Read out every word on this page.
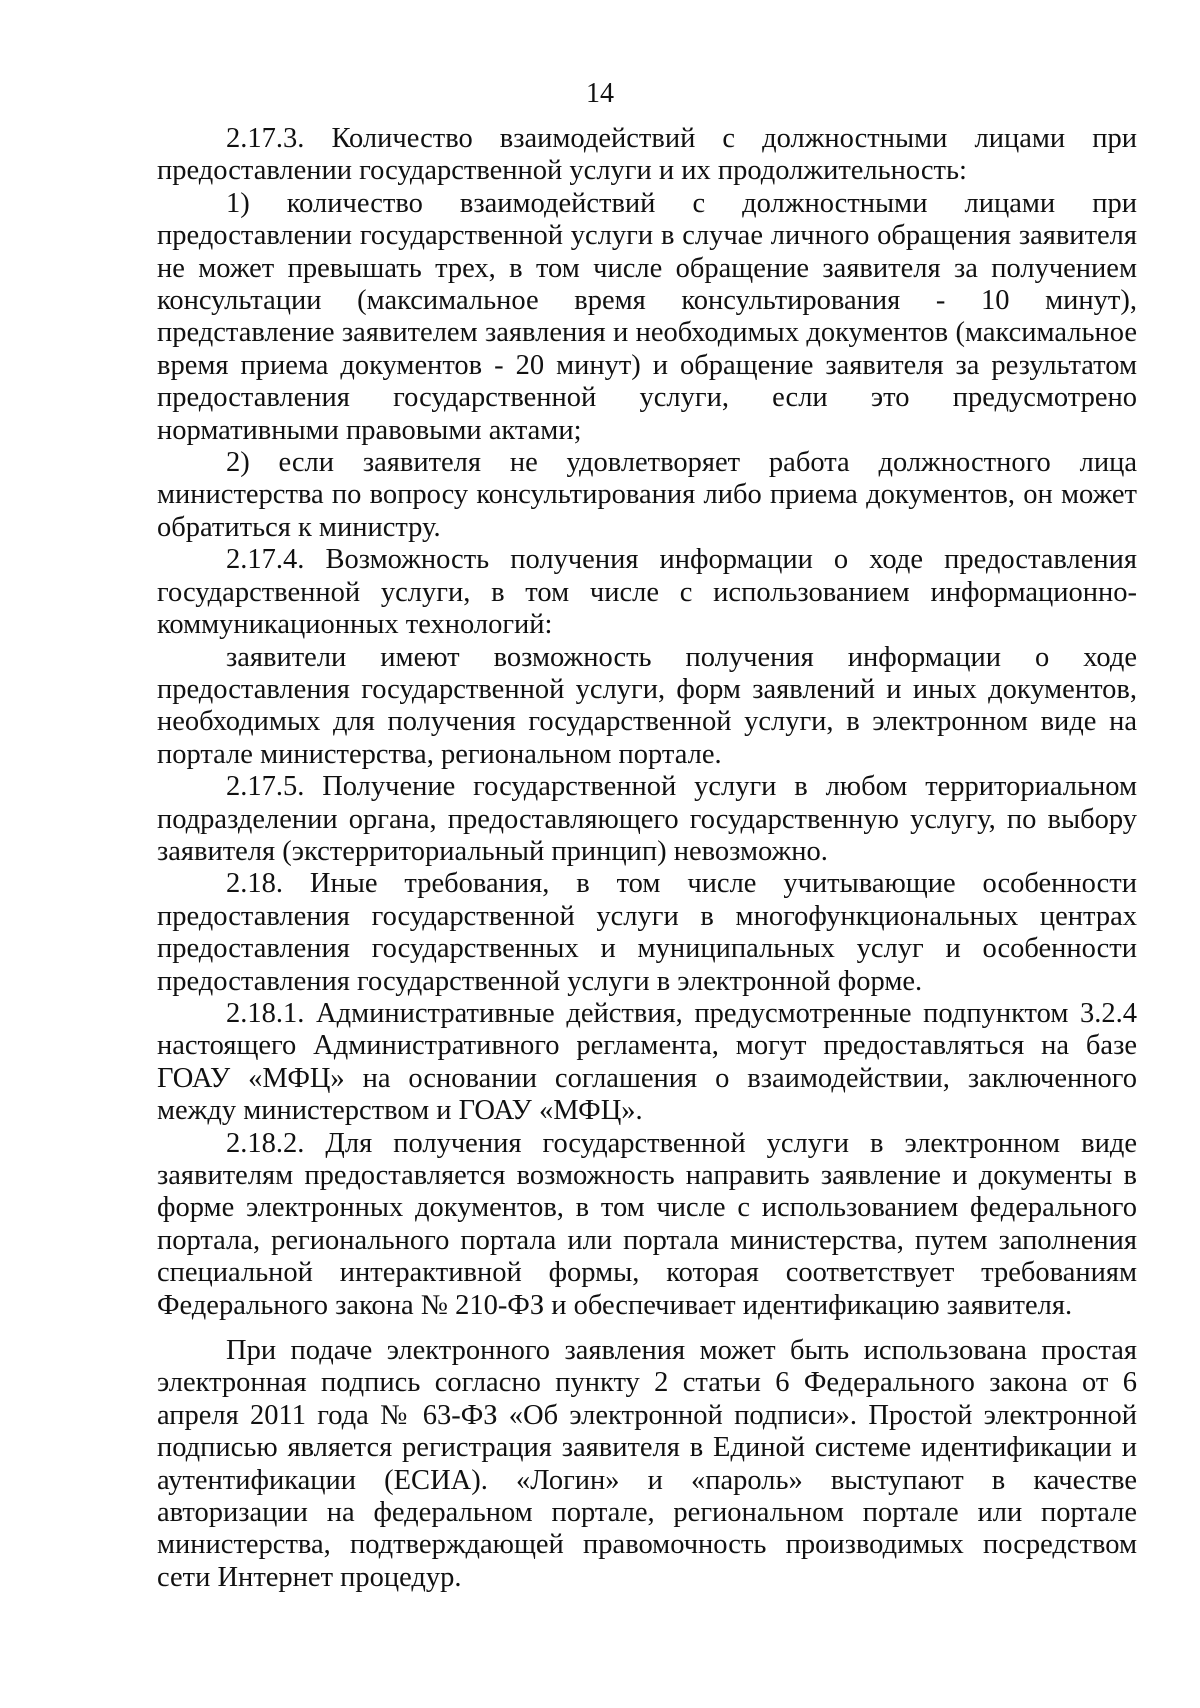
14

2.17.3. Количество взаимодействий с должностными лицами при предоставлении государственной услуги и их продолжительность:

1) количество взаимодействий с должностными лицами при предоставлении государственной услуги в случае личного обращения заявителя не может превышать трех, в том числе обращение заявителя за получением консультации (максимальное время консультирования - 10 минут), представление заявителем заявления и необходимых документов (максимальное время приема документов - 20 минут) и обращение заявителя за результатом предоставления государственной услуги, если это предусмотрено нормативными правовыми актами;

2) если заявителя не удовлетворяет работа должностного лица министерства по вопросу консультирования либо приема документов, он может обратиться к министру.

2.17.4. Возможность получения информации о ходе предоставления государственной услуги, в том числе с использованием информационно-коммуникационных технологий:

заявители имеют возможность получения информации о ходе предоставления государственной услуги, форм заявлений и иных документов, необходимых для получения государственной услуги, в электронном виде на портале министерства, региональном портале.

2.17.5. Получение государственной услуги в любом территориальном подразделении органа, предоставляющего государственную услугу, по выбору заявителя (экстерриториальный принцип) невозможно.

2.18. Иные требования, в том числе учитывающие особенности предоставления государственной услуги в многофункциональных центрах предоставления государственных и муниципальных услуг и особенности предоставления государственной услуги в электронной форме.

2.18.1. Административные действия, предусмотренные подпунктом 3.2.4 настоящего Административного регламента, могут предоставляться на базе ГОАУ «МФЦ» на основании соглашения о взаимодействии, заключенного между министерством и ГОАУ «МФЦ».

2.18.2. Для получения государственной услуги в электронном виде заявителям предоставляется возможность направить заявление и документы в форме электронных документов, в том числе с использованием федерального портала, регионального портала или портала министерства, путем заполнения специальной интерактивной формы, которая соответствует требованиям Федерального закона № 210-ФЗ и обеспечивает идентификацию заявителя.

При подаче электронного заявления может быть использована простая электронная подпись согласно пункту 2 статьи 6 Федерального закона от 6 апреля 2011 года № 63-ФЗ «Об электронной подписи». Простой электронной подписью является регистрация заявителя в Единой системе идентификации и аутентификации (ЕСИА). «Логин» и «пароль» выступают в качестве авторизации на федеральном портале, региональном портале или портале министерства, подтверждающей правомочность производимых посредством сети Интернет процедур.
